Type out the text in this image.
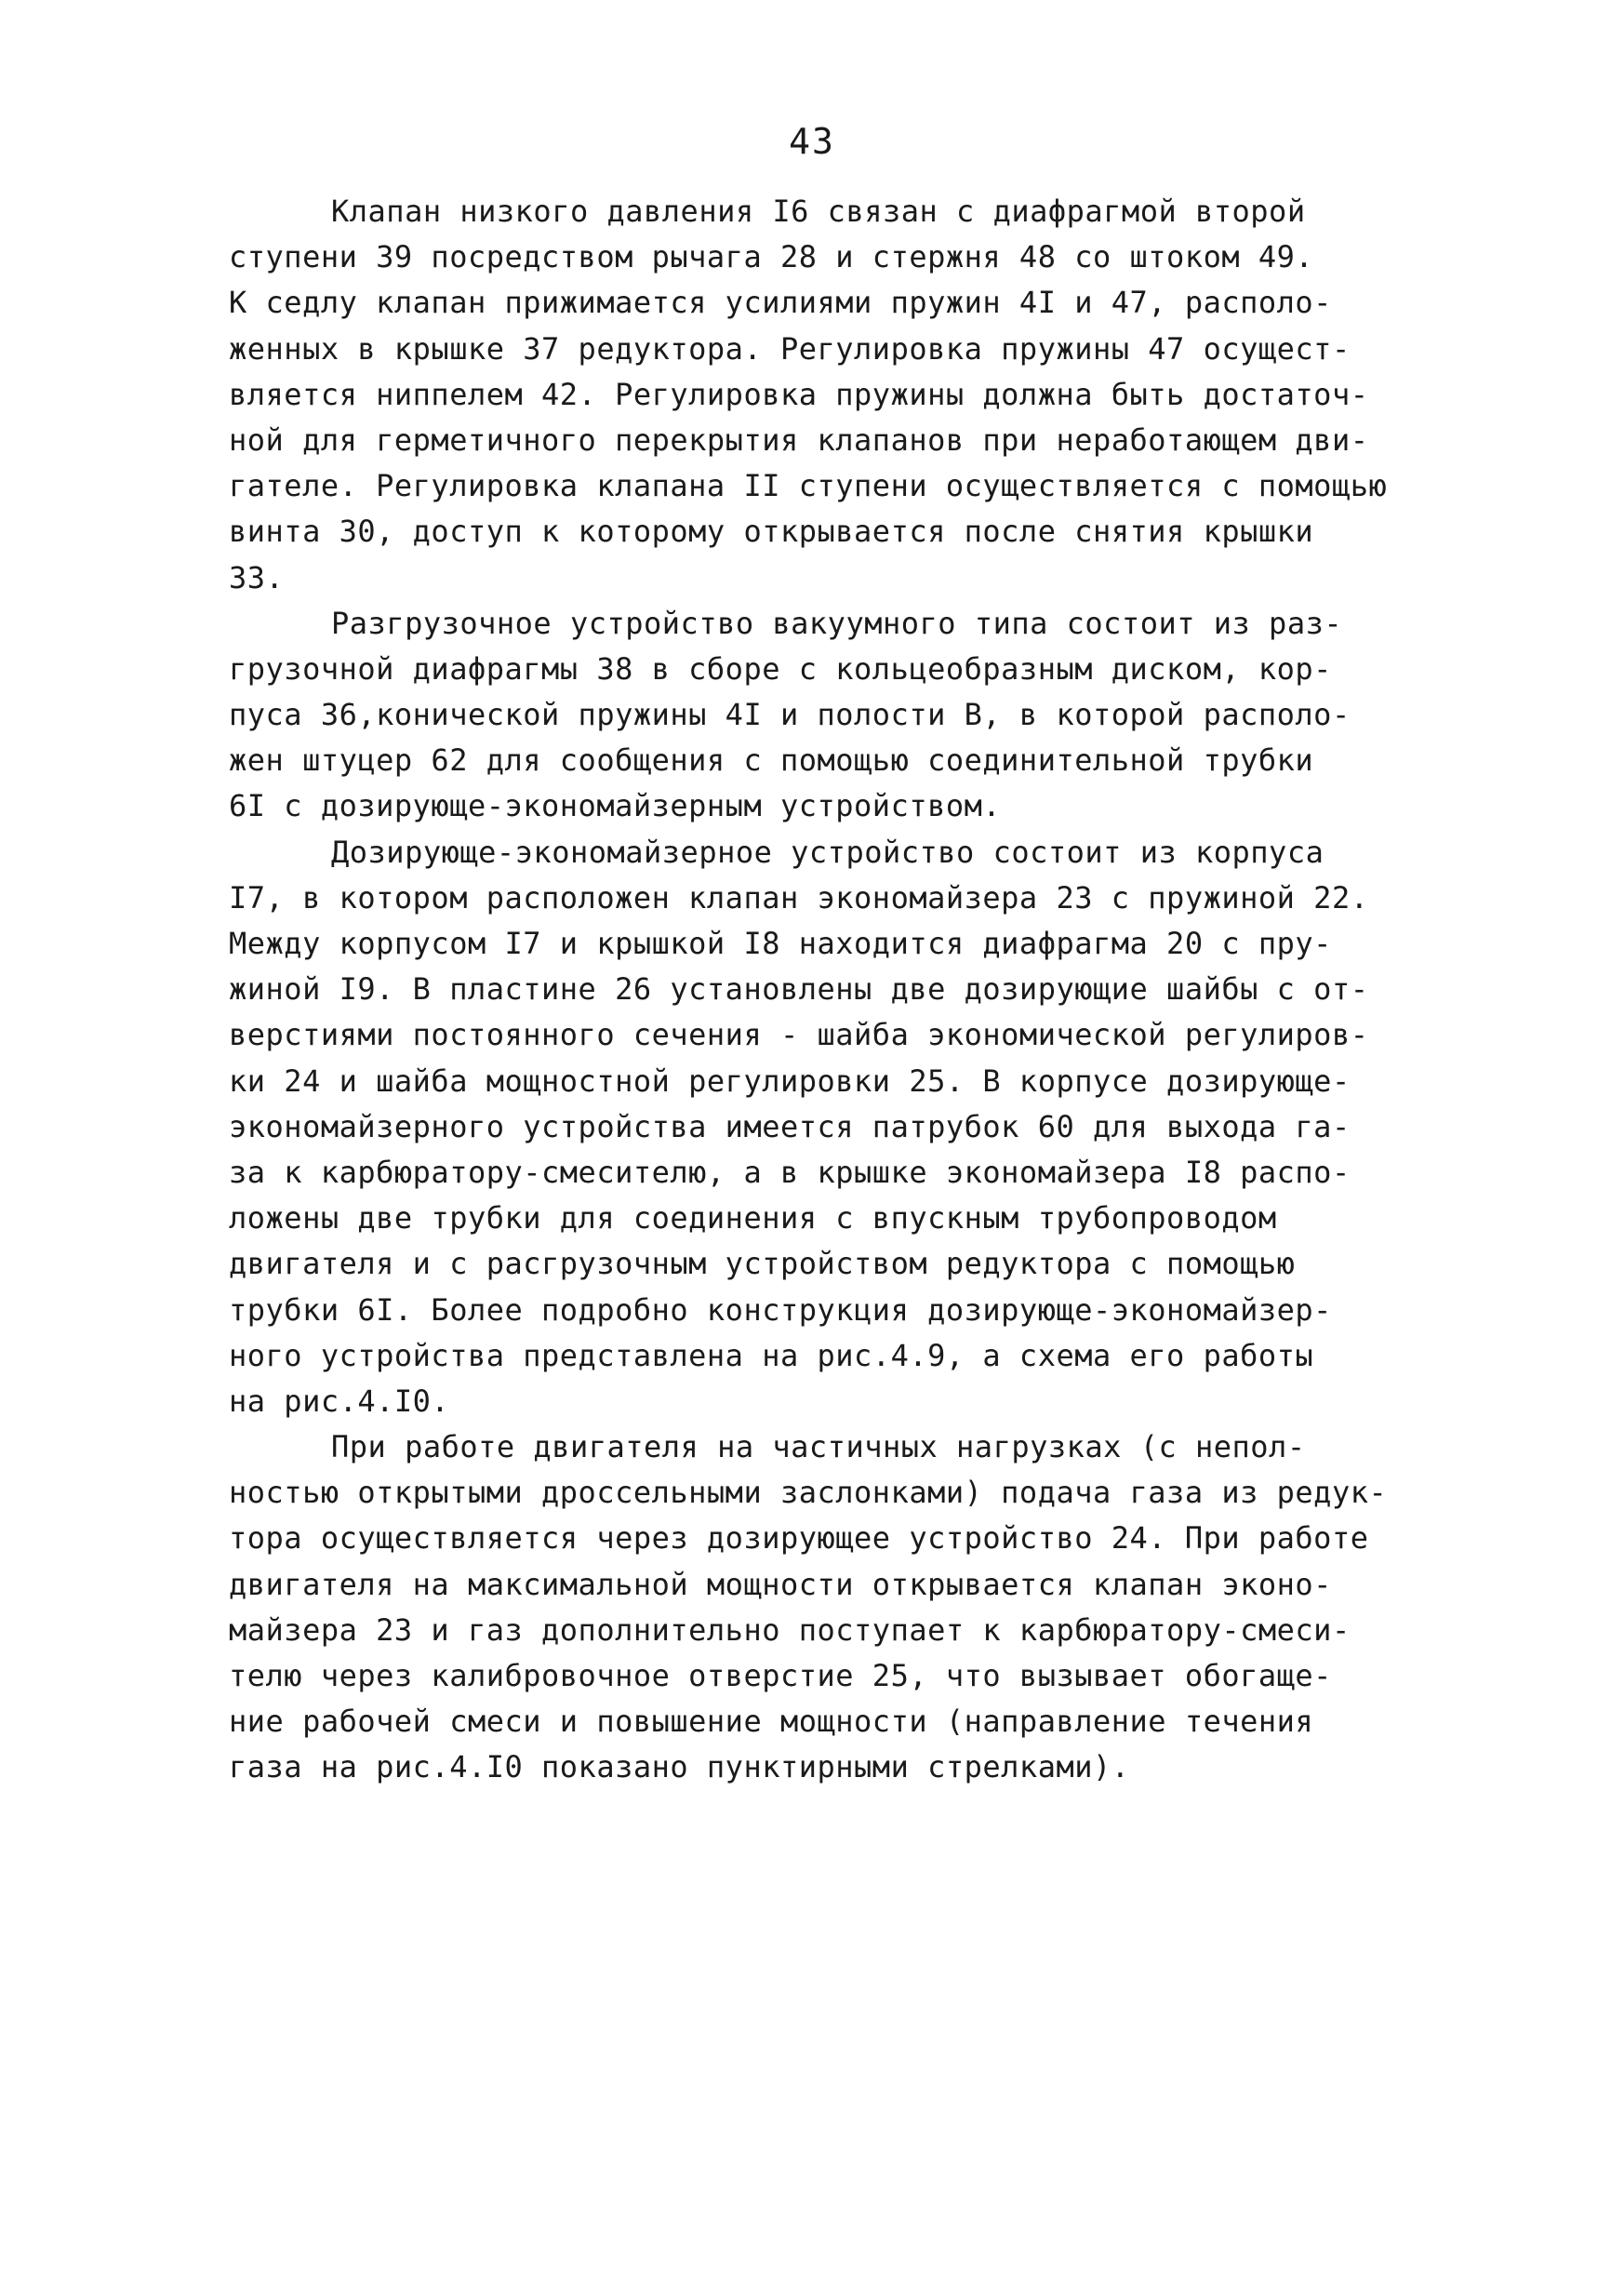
43
Клапан низкого давления I6 связан с диафрагмой второй
ступени 39 посредством рычага 28 и стержня 48 со штоком 49.
К седлу клапан прижимается усилиями пружин 4I и 47, располо-
женных в крышке 37 редуктора. Регулировка пружины 47 осущест-
вляется ниппелем 42. Регулировка пружины должна быть достаточ-
ной для герметичного перекрытия клапанов при неработающем дви-
гателе. Регулировка клапана II ступени осуществляется с помощью
винта 30, доступ к которому открывается после снятия крышки
33.
Разгрузочное устройство вакуумного типа состоит из раз-
грузочной диафрагмы 38 в сборе с кольцеобразным диском, кор-
пуса 36,конической пружины 4I и полости В, в которой располо-
жен штуцер 62 для сообщения с помощью соединительной трубки
6I с дозирующе-экономайзерным устройством.
Дозирующе-экономайзерное устройство состоит из корпуса
I7, в котором расположен клапан экономайзера 23 с пружиной 22.
Между корпусом I7 и крышкой I8 находится диафрагма 20 с пру-
жиной I9. В пластине 26 установлены две дозирующие шайбы с от-
верстиями постоянного сечения - шайба экономической регулиров-
ки 24 и шайба мощностной регулировки 25. В корпусе дозирующе-
экономайзерного устройства имеется патрубок 60 для выхода га-
за к карбюратору-смесителю, а в крышке экономайзера I8 распо-
ложены две трубки для соединения с впускным трубопроводом
двигателя и с расгрузочным устройством редуктора с помощью
трубки 6I. Более подробно конструкция дозирующе-экономайзер-
ного устройства представлена на рис.4.9, а схема его работы
на рис.4.I0.
При работе двигателя на частичных нагрузках (с непол-
ностью открытыми дроссельными заслонками) подача газа из редук-
тора осуществляется через дозирующее устройство 24. При работе
двигателя на максимальной мощности открывается клапан эконо-
майзера 23 и газ дополнительно поступает к карбюратору-смеси-
телю через калибровочное отверстие 25, что вызывает обогаще-
ние рабочей смеси и повышение мощности (направление течения
газа на рис.4.I0 показано пунктирными стрелками).
